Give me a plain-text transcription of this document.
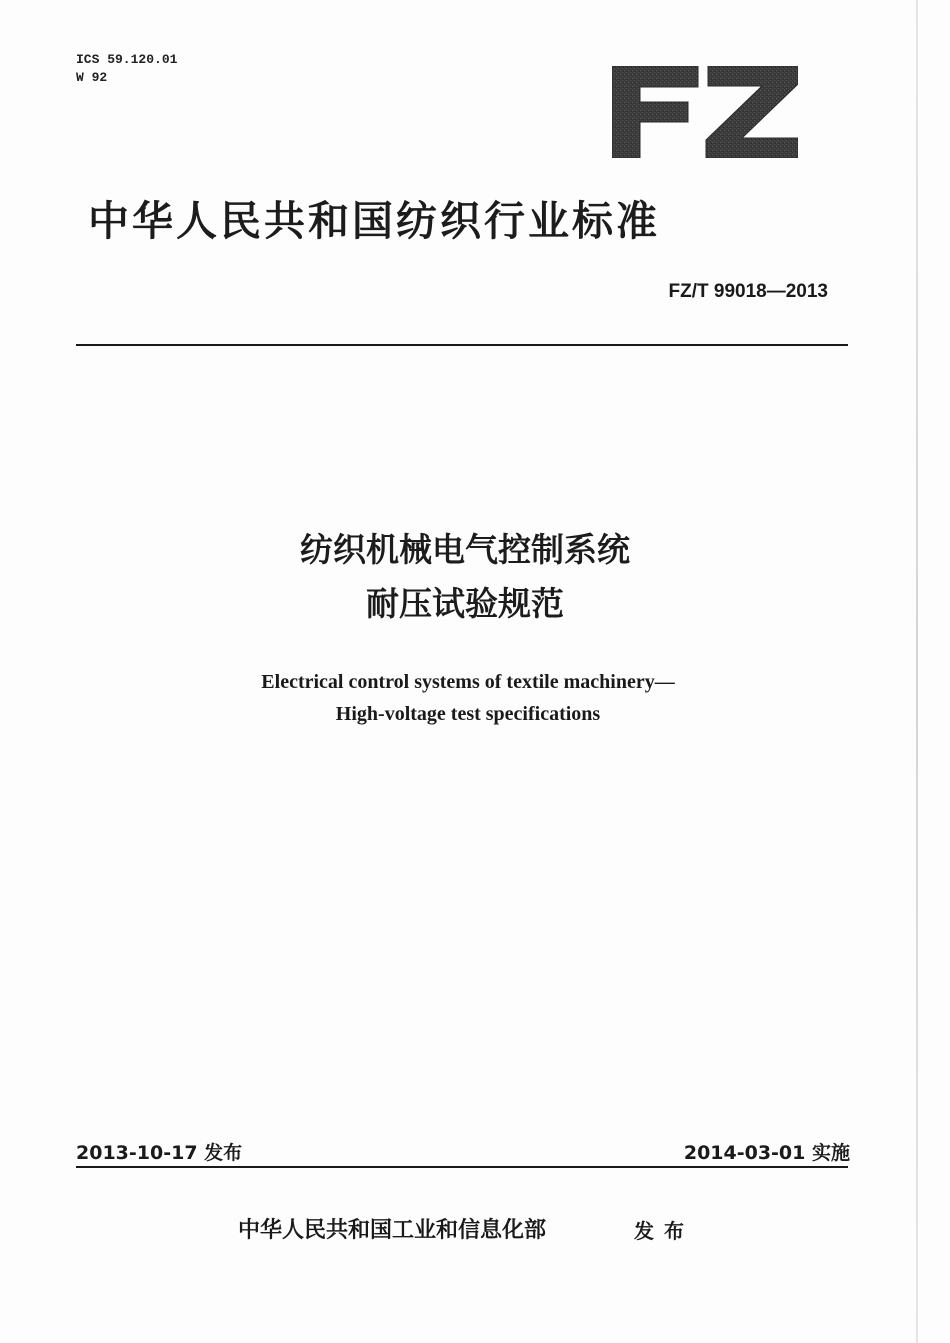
ICS 59.120.01
W 92
中华人民共和国纺织行业标准
FZ/T 99018—2013
纺织机械电气控制系统
耐压试验规范
Electrical control systems of textile machinery—
High-voltage test specifications
2013-10-17 发布	2014-03-01 实施
中华人民共和国工业和信息化部	发布
